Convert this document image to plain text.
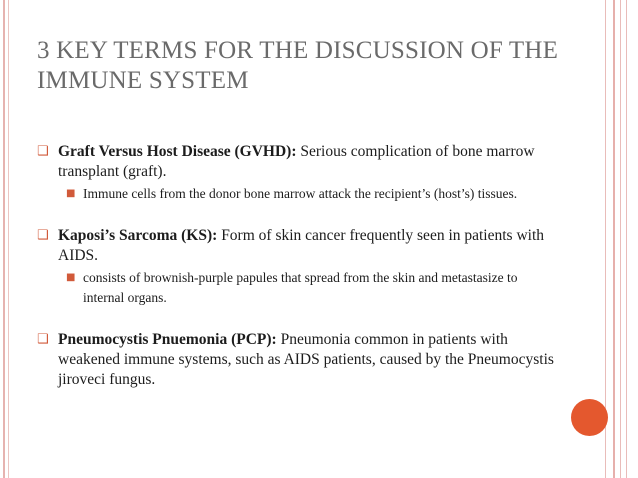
3 KEY TERMS FOR THE DISCUSSION OF THE IMMUNE SYSTEM
❑ Graft Versus Host Disease (GVHD): Serious complication of bone marrow transplant (graft).
■ Immune cells from the donor bone marrow attack the recipient’s (host’s) tissues.
❑ Kaposi’s Sarcoma (KS): Form of skin cancer frequently seen in patients with AIDS.
■ consists of brownish-purple papules that spread from the skin and metastasize to internal organs.
❑ Pneumocystis Pnuemonia (PCP): Pneumonia common in patients with weakened immune systems, such as AIDS patients, caused by the Pneumocystis jiroveci fungus.
